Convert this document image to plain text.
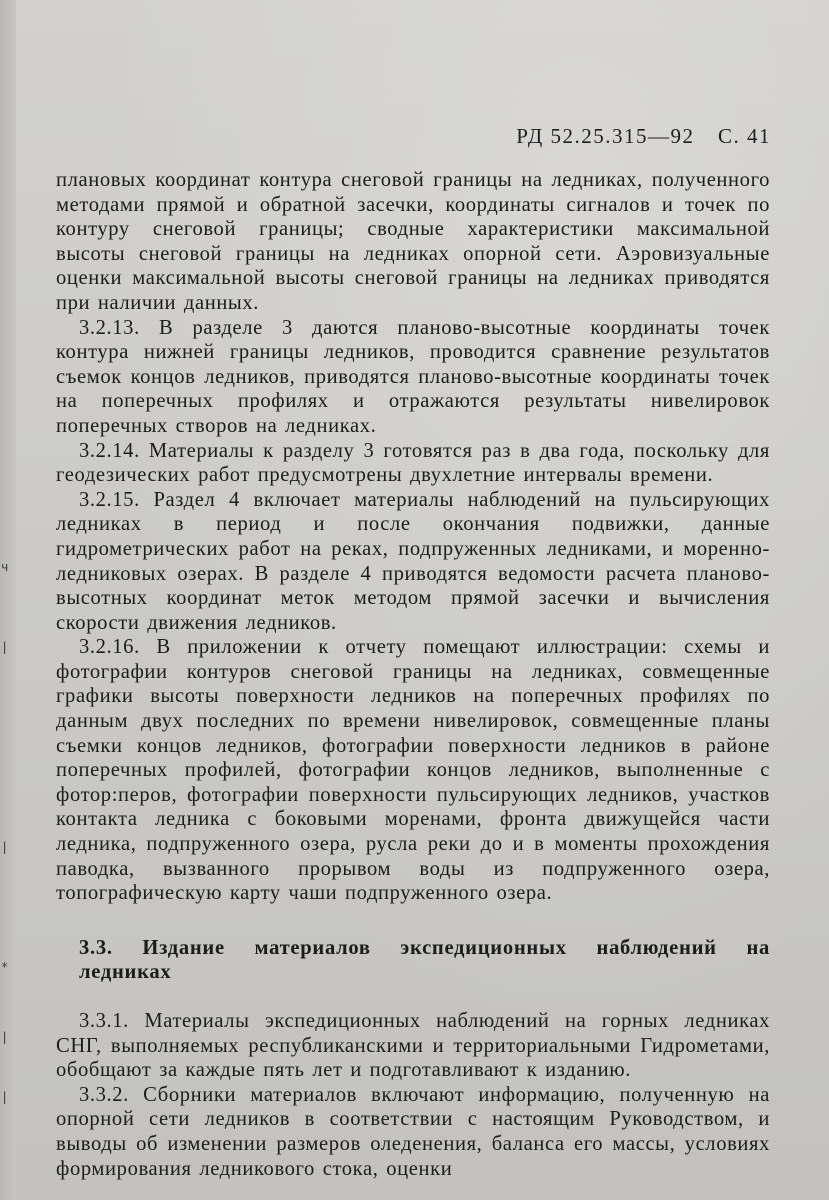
ч
|
|
*
|
|
РД 52.25.315—92 С. 41

плановых координат контура снеговой границы на ледниках, полученного методами прямой и обратной засечки, координаты сигналов и точек по контуру снеговой границы; сводные характеристики максимальной высоты снеговой границы на ледниках опорной сети. Аэровизуальные оценки максимальной высоты снеговой границы на ледниках приводятся при наличии данных.

3.2.13. В разделе 3 даются планово-высотные координаты точек контура нижней границы ледников, проводится сравнение результатов съемок концов ледников, приводятся планово-высотные координаты точек на поперечных профилях и отражаются результаты нивелировок поперечных створов на ледниках.

3.2.14. Материалы к разделу 3 готовятся раз в два года, поскольку для геодезических работ предусмотрены двухлетние интервалы времени.

3.2.15. Раздел 4 включает материалы наблюдений на пульсирующих ледниках в период и после окончания подвижки, данные гидрометрических работ на реках, подпруженных ледниками, и моренно-ледниковых озерах. В разделе 4 приводятся ведомости расчета планово-высотных координат меток методом прямой засечки и вычисления скорости движения ледников.

3.2.16. В приложении к отчету помещают иллюстрации: схемы и фотографии контуров снеговой границы на ледниках, совмещенные графики высоты поверхности ледников на поперечных профилях по данным двух последних по времени нивелировок, совмещенные планы съемки концов ледников, фотографии поверхности ледников в районе поперечных профилей, фотографии концов ледников, выполненные с фотор:перов, фотографии поверхности пульсирующих ледников, участков контакта ледника с боковыми моренами, фронта движущейся части ледника, подпруженного озера, русла реки до и в моменты прохождения паводка, вызванного прорывом воды из подпруженного озера, топографическую карту чаши подпруженного озера.

3.3. Издание материалов экспедиционных наблюдений на ледниках

3.3.1. Материалы экспедиционных наблюдений на горных ледниках СНГ, выполняемых республиканскими и территориальными Гидрометами, обобщают за каждые пять лет и подготавливают к изданию.

3.3.2. Сборники материалов включают информацию, полученную на опорной сети ледников в соответствии с настоящим Руководством, и выводы об изменении размеров оледенения, баланса его массы, условиях формирования ледникового стока, оценки
